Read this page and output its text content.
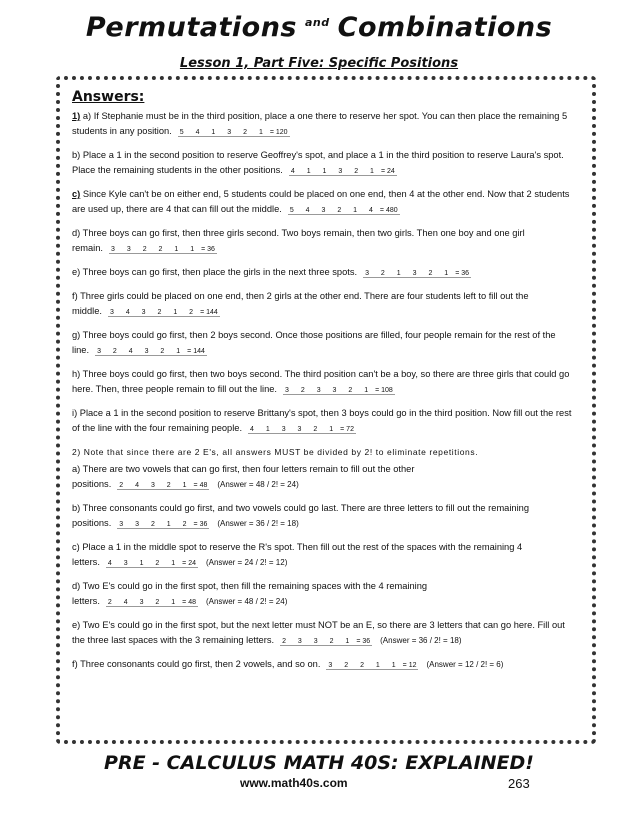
Permutations $^{and}$ Combinations
Lesson 1, Part Five: Specific Positions
Answers:
1) a) If Stephanie must be in the third position, place a one there to reserve her spot. You can then place the remaining 5 students in any position. 5 4 1 3 2 1 = 120
b) Place a 1 in the second position to reserve Geoffrey's spot, and place a 1 in the third position to reserve Laura's spot. Place the remaining students in the other positions. 4 1 1 3 2 1 = 24
c) Since Kyle can't be on either end, 5 students could be placed on one end, then 4 at the other end. Now that 2 students are used up, there are 4 that can fill out the middle. 5 4 3 2 1 4 = 480
d) Three boys can go first, then three girls second. Two boys remain, then two girls. Then one boy and one girl remain. 3 3 2 2 1 1 = 36
e) Three boys can go first, then place the girls in the next three spots. 3 2 1 3 2 1 = 36
f) Three girls could be placed on one end, then 2 girls at the other end. There are four students left to fill out the middle. 3 4 3 2 1 2 = 144
g) Three boys could go first, then 2 boys second. Once those positions are filled, four people remain for the rest of the line. 3 2 4 3 2 1 = 144
h) Three boys could go first, then two boys second. The third position can't be a boy, so there are three girls that could go here. Then, three people remain to fill out the line. 3 2 3 3 2 1 = 108
i) Place a 1 in the second position to reserve Brittany's spot, then 3 boys could go in the third position. Now fill out the rest of the line with the four remaining people. 4 1 3 3 2 1 = 72
2) Note that since there are 2 E's, all answers MUST be divided by 2! to eliminate repetitions.
a) There are two vowels that can go first, then four letters remain to fill out the other positions. 2 4 3 2 1 = 48 (Answer = 48 / 2! = 24)
b) Three consonants could go first, and two vowels could go last. There are three letters to fill out the remaining positions. 3 3 2 1 2 = 36 (Answer = 36 / 2! = 18)
c) Place a 1 in the middle spot to reserve the R's spot. Then fill out the rest of the spaces with the remaining 4 letters. 4 3 1 2 1 = 24 (Answer = 24 / 2! = 12)
d) Two E's could go in the first spot, then fill the remaining spaces with the 4 remaining letters. 2 4 3 2 1 = 48 (Answer = 48 / 2! = 24)
e) Two E's could go in the first spot, but the next letter must NOT be an E, so there are 3 letters that can go here. Fill out the three last spaces with the 3 remaining letters. 2 3 3 2 1 = 36 (Answer = 36 / 2! = 18)
f) Three consonants could go first, then 2 vowels, and so on. 3 2 2 1 1 = 12 (Answer = 12 / 2! = 6)
PRE - CALCULUS MATH 40S: EXPLAINED!
www.math40s.com	263
